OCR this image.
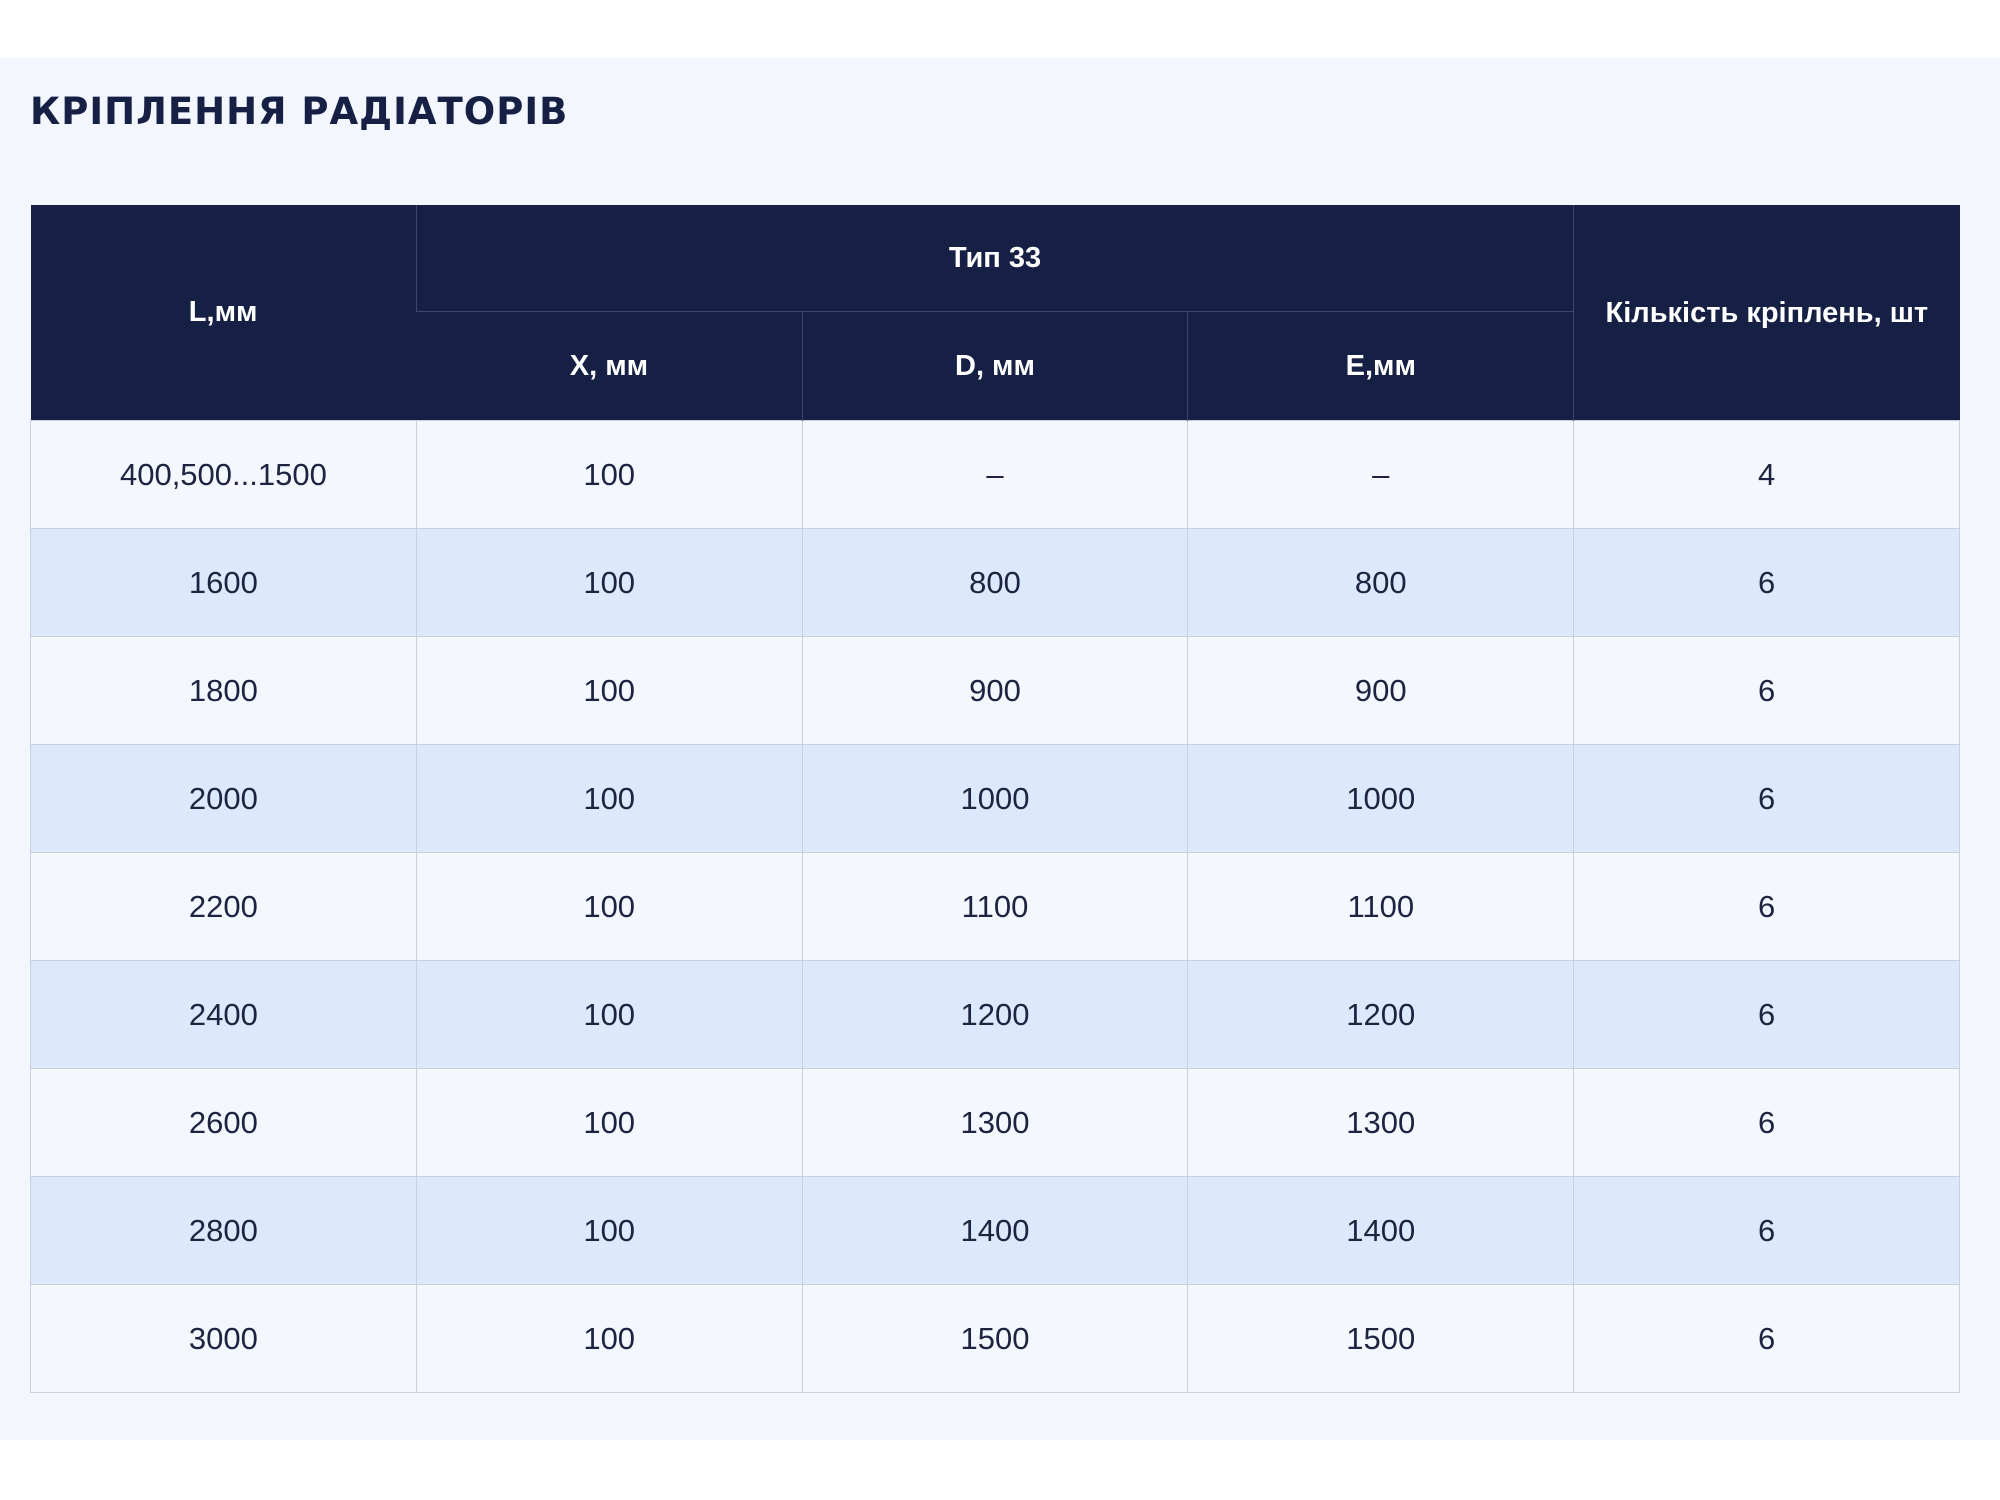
КРІПЛЕННЯ РАДІАТОРІВ
L,мм	Тип 33			Кількість кріплень, шт
	X, мм	D, мм	E,мм	
400,500...1500	100	–	–	4
1600	100	800	800	6
1800	100	900	900	6
2000	100	1000	1000	6
2200	100	1100	1100	6
2400	100	1200	1200	6
2600	100	1300	1300	6
2800	100	1400	1400	6
3000	100	1500	1500	6
